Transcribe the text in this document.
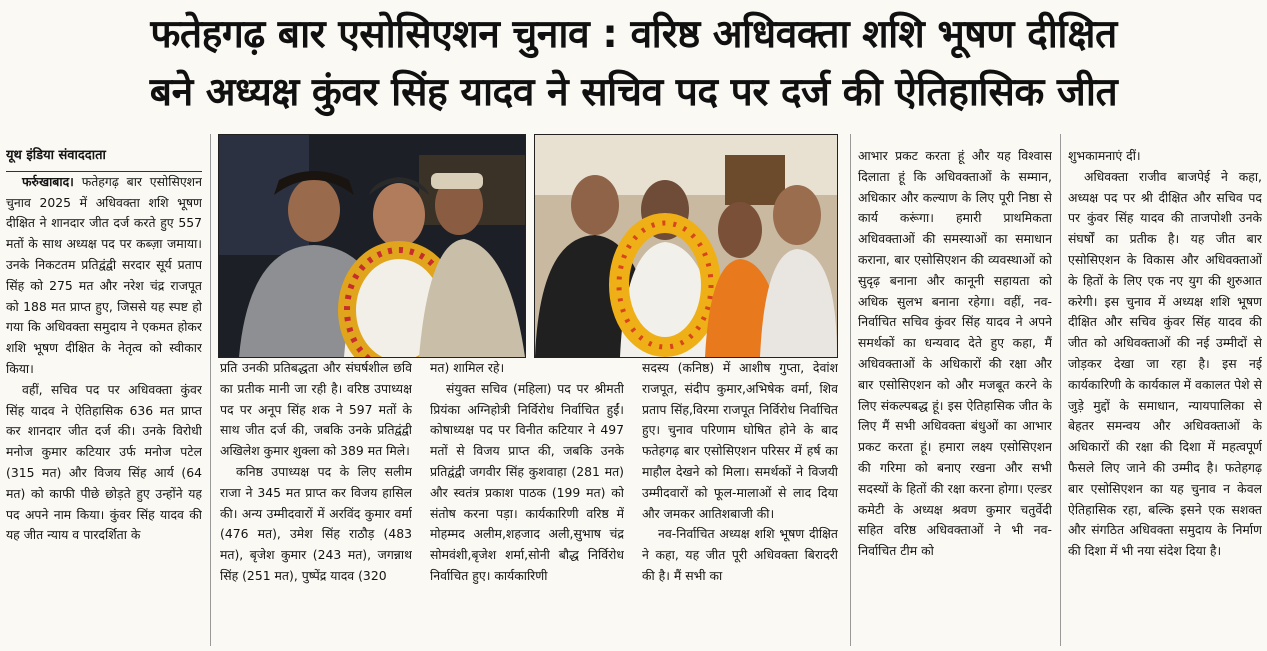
फतेहगढ़ बार एसोसिएशन चुनाव : वरिष्ठ अधिवक्ता शशि भूषण दीक्षित
बने अध्यक्ष कुंवर सिंह यादव ने सचिव पद पर दर्ज की ऐतिहासिक जीत

यूथ इंडिया संवाददाता

फर्रुखाबाद। फतेहगढ़ बार एसोसिएशन चुनाव 2025 में अधिवक्ता शशि भूषण दीक्षित ने शानदार जीत दर्ज करते हुए 557 मतों के साथ अध्यक्ष पद पर कब्ज़ा जमाया। उनके निकटतम प्रतिद्वंद्वी सरदार सूर्य प्रताप सिंह को 275 मत और नरेश चंद्र राजपूत को 188 मत प्राप्त हुए, जिससे यह स्पष्ट हो गया कि अधिवक्ता समुदाय ने एकमत होकर शशि भूषण दीक्षित के नेतृत्व को स्वीकार किया।

वहीं, सचिव पद पर अधिवक्ता कुंवर सिंह यादव ने ऐतिहासिक 636 मत प्राप्त कर शानदार जीत दर्ज की। उनके विरोधी मनोज कुमार कटियार उर्फ मनोज पटेल (315 मत) और विजय सिंह आर्य (64 मत) को काफी पीछे छोड़ते हुए उन्होंने यह पद अपने नाम किया। कुंवर सिंह यादव की यह जीत न्याय व पारदर्शिता के

प्रति उनकी प्रतिबद्धता और संघर्षशील छवि का प्रतीक मानी जा रही है। वरिष्ठ उपाध्यक्ष पद पर अनूप सिंह शक ने 597 मतों के साथ जीत दर्ज की, जबकि उनके प्रतिद्वंद्वी अखिलेश कुमार शुक्ला को 389 मत मिले।

कनिष्ठ उपाध्यक्ष पद के लिए सलीम राजा ने 345 मत प्राप्त कर विजय हासिल की। अन्य उम्मीदवारों में अरविंद कुमार वर्मा (476 मत), उमेश सिंह राठौड़ (483 मत), बृजेश कुमार (243 मत), जगन्नाथ सिंह (251 मत), पुष्पेंद्र यादव (320

मत) शामिल रहे।

संयुक्त सचिव (महिला) पद पर श्रीमती प्रियंका अग्निहोत्री निर्विरोध निर्वाचित हुईं। कोषाध्यक्ष पद पर विनीत कटियार ने 497 मतों से विजय प्राप्त की, जबकि उनके प्रतिद्वंद्वी जगवीर सिंह कुशवाहा (281 मत) और स्वतंत्र प्रकाश पाठक (199 मत) को संतोष करना पड़ा। कार्यकारिणी वरिष्ठ में मोहम्मद अलीम,शहजाद अली,सुभाष चंद्र सोमवंशी,बृजेश शर्मा,सोनी बौद्ध निर्विरोध निर्वाचित हुए। कार्यकारिणी

सदस्य (कनिष्ठ) में आशीष गुप्ता, देवांश राजपूत, संदीप कुमार,अभिषेक वर्मा, शिव प्रताप सिंह,विरमा राजपूत निर्विरोध निर्वाचित हुए। चुनाव परिणाम घोषित होने के बाद फतेहगढ़ बार एसोसिएशन परिसर में हर्ष का माहौल देखने को मिला। समर्थकों ने विजयी उम्मीदवारों को फूल-मालाओं से लाद दिया और जमकर आतिशबाजी की।

नव-निर्वाचित अध्यक्ष शशि भूषण दीक्षित ने कहा, यह जीत पूरी अधिवक्ता बिरादरी की है। मैं सभी का

आभार प्रकट करता हूं और यह विश्वास दिलाता हूं कि अधिवक्ताओं के सम्मान, अधिकार और कल्याण के लिए पूरी निष्ठा से कार्य करूंगा। हमारी प्राथमिकता अधिवक्ताओं की समस्याओं का समाधान कराना, बार एसोसिएशन की व्यवस्थाओं को सुदृढ़ बनाना और कानूनी सहायता को अधिक सुलभ बनाना रहेगा। वहीं, नव-निर्वाचित सचिव कुंवर सिंह यादव ने अपने समर्थकों का धन्यवाद देते हुए कहा, मैं अधिवक्ताओं के अधिकारों की रक्षा और बार एसोसिएशन को और मजबूत करने के लिए संकल्पबद्ध हूं। इस ऐतिहासिक जीत के लिए मैं सभी अधिवक्ता बंधुओं का आभार प्रकट करता हूं। हमारा लक्ष्य एसोसिएशन की गरिमा को बनाए रखना और सभी सदस्यों के हितों की रक्षा करना होगा। एल्डर कमेटी के अध्यक्ष श्रवण कुमार चतुर्वेदी सहित वरिष्ठ अधिवक्ताओं ने भी नव-निर्वाचित टीम को

शुभकामनाएं दीं।

अधिवक्ता राजीव बाजपेई ने कहा, अध्यक्ष पद पर श्री दीक्षित और सचिव पद पर कुंवर सिंह यादव की ताजपोशी उनके संघर्षों का प्रतीक है। यह जीत बार एसोसिएशन के विकास और अधिवक्ताओं के हितों के लिए एक नए युग की शुरुआत करेगी। इस चुनाव में अध्यक्ष शशि भूषण दीक्षित और सचिव कुंवर सिंह यादव की जीत को अधिवक्ताओं की नई उम्मीदों से जोड़कर देखा जा रहा है। इस नई कार्यकारिणी के कार्यकाल में वकालत पेशे से जुड़े मुद्दों के समाधान, न्यायपालिका से बेहतर समन्वय और अधिवक्ताओं के अधिकारों की रक्षा की दिशा में महत्वपूर्ण फैसले लिए जाने की उम्मीद है। फतेहगढ़ बार एसोसिएशन का यह चुनाव न केवल ऐतिहासिक रहा, बल्कि इसने एक सशक्त और संगठित अधिवक्ता समुदाय के निर्माण की दिशा में भी नया संदेश दिया है।
